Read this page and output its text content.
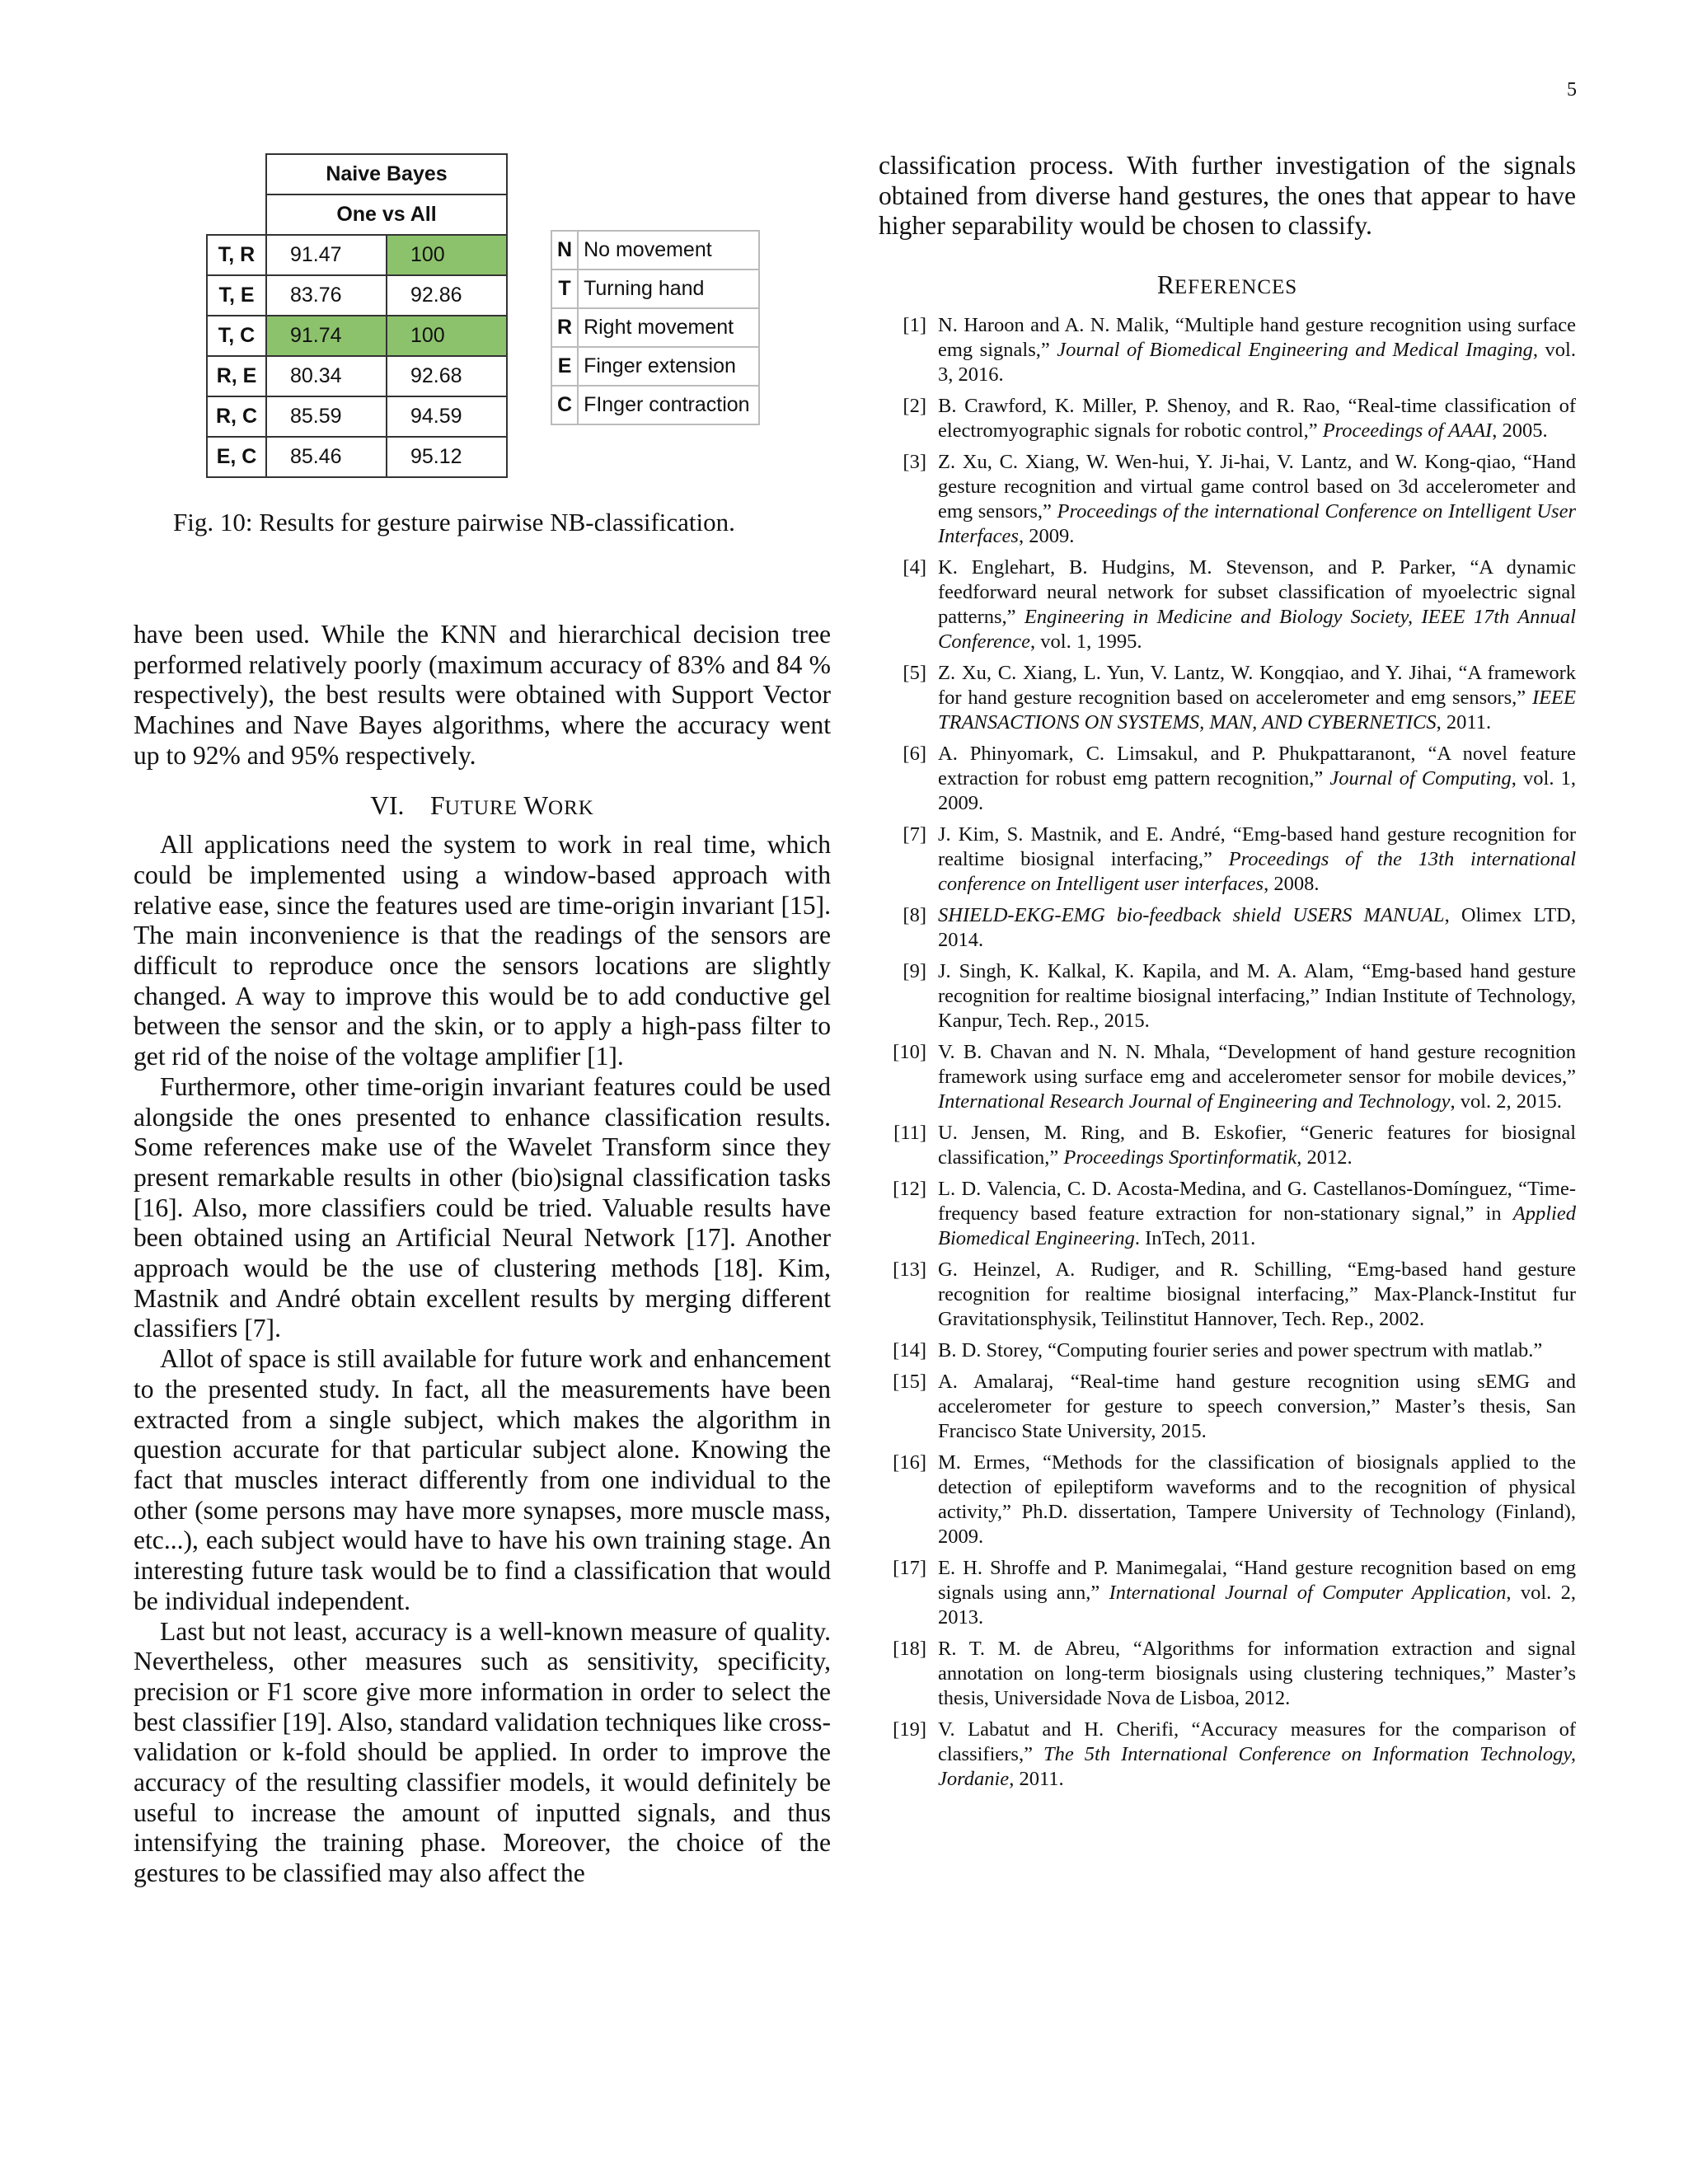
5
	Naive Bayes	
	One vs All	
T, R	91.47	100
T, E	83.76	92.86
T, C	91.74	100
R, E	80.34	92.68
R, C	85.59	94.59
E, C	85.46	95.12
N	No movement
T	Turning hand
R	Right movement
E	Finger extension
C	FInger contraction
Fig. 10: Results for gesture pairwise NB-classification.

have been used. While the KNN and hierarchical decision tree performed relatively poorly (maximum accuracy of 83% and 84 % respectively), the best results were obtained with Support Vector Machines and Nave Bayes algorithms, where the accuracy went up to 92% and 95% respectively.

VI. FUTURE WORK

All applications need the system to work in real time, which could be implemented using a window-based approach with relative ease, since the features used are time-origin invariant [15]. The main inconvenience is that the readings of the sensors are difficult to reproduce once the sensors locations are slightly changed. A way to improve this would be to add conductive gel between the sensor and the skin, or to apply a high-pass filter to get rid of the noise of the voltage amplifier [1].

Furthermore, other time-origin invariant features could be used alongside the ones presented to enhance classification results. Some references make use of the Wavelet Transform since they present remarkable results in other (bio)signal classification tasks [16]. Also, more classifiers could be tried. Valuable results have been obtained using an Artificial Neural Network [17]. Another approach would be the use of clustering methods [18]. Kim, Mastnik and André obtain excellent results by merging different classifiers [7].

Allot of space is still available for future work and enhancement to the presented study. In fact, all the measurements have been extracted from a single subject, which makes the algorithm in question accurate for that particular subject alone. Knowing the fact that muscles interact differently from one individual to the other (some persons may have more synapses, more muscle mass, etc...), each subject would have to have his own training stage. An interesting future task would be to find a classification that would be individual independent.

Last but not least, accuracy is a well-known measure of quality. Nevertheless, other measures such as sensitivity, specificity, precision or F1 score give more information in order to select the best classifier [19]. Also, standard validation techniques like cross-validation or k-fold should be applied. In order to improve the accuracy of the resulting classifier models, it would definitely be useful to increase the amount of inputted signals, and thus intensifying the training phase. Moreover, the choice of the gestures to be classified may also affect the

classification process. With further investigation of the signals obtained from diverse hand gestures, the ones that appear to have higher separability would be chosen to classify.

REFERENCES
[1] N. Haroon and A. N. Malik, “Multiple hand gesture recognition using surface emg signals,” Journal of Biomedical Engineering and Medical Imaging, vol. 3, 2016.
[2] B. Crawford, K. Miller, P. Shenoy, and R. Rao, “Real-time classification of electromyographic signals for robotic control,” Proceedings of AAAI, 2005.
[3] Z. Xu, C. Xiang, W. Wen-hui, Y. Ji-hai, V. Lantz, and W. Kong-qiao, “Hand gesture recognition and virtual game control based on 3d accelerometer and emg sensors,” Proceedings of the international Conference on Intelligent User Interfaces, 2009.
[4] K. Englehart, B. Hudgins, M. Stevenson, and P. Parker, “A dynamic feedforward neural network for subset classification of myoelectric signal patterns,” Engineering in Medicine and Biology Society, IEEE 17th Annual Conference, vol. 1, 1995.
[5] Z. Xu, C. Xiang, L. Yun, V. Lantz, W. Kongqiao, and Y. Jihai, “A framework for hand gesture recognition based on accelerometer and emg sensors,” IEEE TRANSACTIONS ON SYSTEMS, MAN, AND CYBERNETICS, 2011.
[6] A. Phinyomark, C. Limsakul, and P. Phukpattaranont, “A novel feature extraction for robust emg pattern recognition,” Journal of Computing, vol. 1, 2009.
[7] J. Kim, S. Mastnik, and E. André, “Emg-based hand gesture recognition for realtime biosignal interfacing,” Proceedings of the 13th international conference on Intelligent user interfaces, 2008.
[8] SHIELD-EKG-EMG bio-feedback shield USERS MANUAL, Olimex LTD, 2014.
[9] J. Singh, K. Kalkal, K. Kapila, and M. A. Alam, “Emg-based hand gesture recognition for realtime biosignal interfacing,” Indian Institute of Technology, Kanpur, Tech. Rep., 2015.
[10] V. B. Chavan and N. N. Mhala, “Development of hand gesture recognition framework using surface emg and accelerometer sensor for mobile devices,” International Research Journal of Engineering and Technology, vol. 2, 2015.
[11] U. Jensen, M. Ring, and B. Eskofier, “Generic features for biosignal classification,” Proceedings Sportinformatik, 2012.
[12] L. D. Valencia, C. D. Acosta-Medina, and G. Castellanos-Domínguez, “Time-frequency based feature extraction for non-stationary signal,” in Applied Biomedical Engineering. InTech, 2011.
[13] G. Heinzel, A. Rudiger, and R. Schilling, “Emg-based hand gesture recognition for realtime biosignal interfacing,” Max-Planck-Institut fur Gravitationsphysik, Teilinstitut Hannover, Tech. Rep., 2002.
[14] B. D. Storey, “Computing fourier series and power spectrum with matlab.”
[15] A. Amalaraj, “Real-time hand gesture recognition using sEMG and accelerometer for gesture to speech conversion,” Master’s thesis, San Francisco State University, 2015.
[16] M. Ermes, “Methods for the classification of biosignals applied to the detection of epileptiform waveforms and to the recognition of physical activity,” Ph.D. dissertation, Tampere University of Technology (Finland), 2009.
[17] E. H. Shroffe and P. Manimegalai, “Hand gesture recognition based on emg signals using ann,” International Journal of Computer Application, vol. 2, 2013.
[18] R. T. M. de Abreu, “Algorithms for information extraction and signal annotation on long-term biosignals using clustering techniques,” Master’s thesis, Universidade Nova de Lisboa, 2012.
[19] V. Labatut and H. Cherifi, “Accuracy measures for the comparison of classifiers,” The 5th International Conference on Information Technology, Jordanie, 2011.
